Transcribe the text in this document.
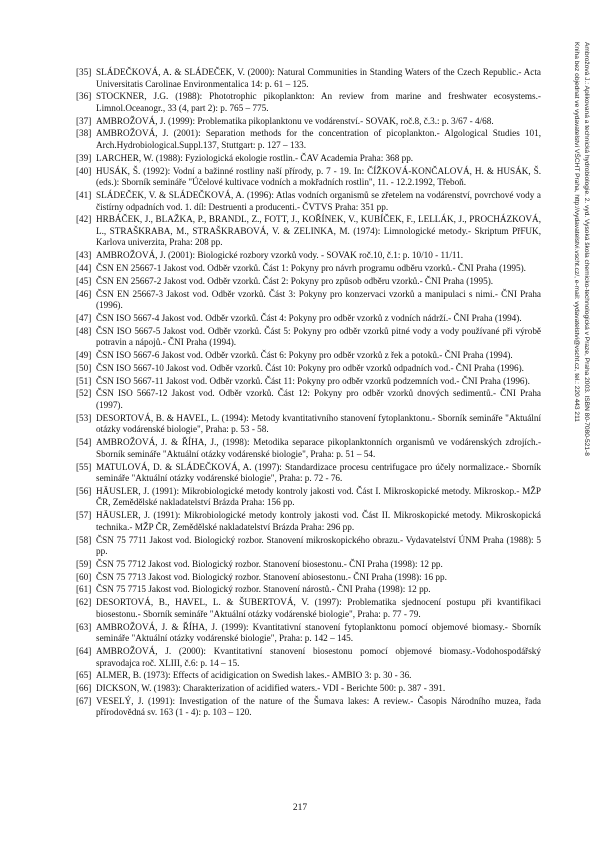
[35] SLÁDEČKOVÁ, A. & SLÁDEČEK, V. (2000): Natural Communities in Standing Waters of the Czech Republic.- Acta Universitatis Carolinae Environmentalica 14: p. 61 – 125.
[36] STOCKNER, J.G. (1988): Phototrophic pikoplankton: An review from marine and freshwater ecosystems.- Limnol.Oceanogr., 33 (4, part 2): p. 765 – 775.
[37] AMBROŽOVÁ, J. (1999): Problematika pikoplanktonu ve vodárenství.- SOVAK, roč.8, č.3.: p. 3/67 - 4/68.
[38] AMBROŽOVÁ, J. (2001): Separation methods for the concentration of picoplankton.- Algological Studies 101, Arch.Hydrobiological.Suppl.137, Stuttgart: p. 127 – 133.
[39] LARCHER, W. (1988): Fyziologická ekologie rostlin.- ČAV Academia Praha: 368 pp.
[40] HUSÁK, Š. (1992): Vodní a bažinné rostliny naší přírody, p. 7 - 19. In: ČÍŽKOVÁ-KONČALOVÁ, H. & HUSÁK, Š. (eds.): Sborník semináře "Účelové kultivace vodních a mokřadních rostlin", 11. - 12.2.1992, Třeboň.
[41] SLÁDEČEK, V. & SLÁDEČKOVÁ, A. (1996): Atlas vodních organismů se zřetelem na vodárenství, povrchové vody a čistírny odpadních vod. 1. díl: Destruenti a producenti.- ČVTVS Praha: 351 pp.
[42] HRBÁČEK, J., BLAŽKA, P., BRANDL, Z., FOTT, J., KOŘÍNEK, V., KUBÍČEK, F., LELLÁK, J., PROCHÁZKOVÁ, L., STRAŠKRABA, M., STRAŠKRABOVÁ, V. & ZELINKA, M. (1974): Limnologické metody.- Skriptum PřFUK, Karlova univerzita, Praha: 208 pp.
[43] AMBROŽOVÁ, J. (2001): Biologické rozbory vzorků vody. - SOVAK roč.10, č.1: p. 10/10 - 11/11.
[44] ČSN EN 25667-1 Jakost vod. Odběr vzorků. Část 1: Pokyny pro návrh programu odběru vzorků.- ČNI Praha (1995).
[45] ČSN EN 25667-2 Jakost vod. Odběr vzorků. Část 2: Pokyny pro způsob odběru vzorků.- ČNI Praha (1995).
[46] ČSN EN 25667-3 Jakost vod. Odběr vzorků. Část 3: Pokyny pro konzervaci vzorků a manipulaci s nimi.- ČNI Praha (1996).
[47] ČSN ISO 5667-4 Jakost vod. Odběr vzorků. Část 4: Pokyny pro odběr vzorků z vodních nádrží.- ČNI Praha (1994).
[48] ČSN ISO 5667-5 Jakost vod. Odběr vzorků. Část 5: Pokyny pro odběr vzorků pitné vody a vody používané při výrobě potravin a nápojů.- ČNI Praha (1994).
[49] ČSN ISO 5667-6 Jakost vod. Odběr vzorků. Část 6: Pokyny pro odběr vzorků z řek a potoků.- ČNI Praha (1994).
[50] ČSN ISO 5667-10 Jakost vod. Odběr vzorků. Část 10: Pokyny pro odběr vzorků odpadních vod.- ČNI Praha (1996).
[51] ČSN ISO 5667-11 Jakost vod. Odběr vzorků. Část 11: Pokyny pro odběr vzorků podzemních vod.- ČNI Praha (1996).
[52] ČSN ISO 5667-12 Jakost vod. Odběr vzorků. Část 12: Pokyny pro odběr vzorků dnových sedimentů.- ČNI Praha (1997).
[53] DESORTOVÁ, B. & HAVEL, L. (1994): Metody kvantitativního stanovení fytoplanktonu.- Sborník semináře "Aktuální otázky vodárenské biologie", Praha: p. 53 - 58.
[54] AMBROŽOVÁ, J. & ŘÍHA, J., (1998): Metodika separace pikoplanktonních organismů ve vodárenských zdrojích.- Sborník semináře "Aktuální otázky vodárenské biologie", Praha: p. 51 – 54.
[55] MATULOVÁ, D. & SLÁDEČKOVÁ, A. (1997): Standardizace procesu centrifugace pro účely normalizace.- Sborník semináře "Aktuální otázky vodárenské biologie", Praha: p. 72 - 76.
[56] HÄUSLER, J. (1991): Mikrobiologické metody kontroly jakosti vod. Část I. Mikroskopické metody. Mikroskop.- MŽP ČR, Zemědělské nakladatelství Brázda Praha: 156 pp.
[57] HÄUSLER, J. (1991): Mikrobiologické metody kontroly jakosti vod. Část II. Mikroskopické metody. Mikroskopická technika.- MŽP ČR, Zemědělské nakladatelství Brázda Praha: 296 pp.
[58] ČSN 75 7711 Jakost vod. Biologický rozbor. Stanovení mikroskopického obrazu.- Vydavatelství ÚNM Praha (1988): 5 pp.
[59] ČSN 75 7712 Jakost vod. Biologický rozbor. Stanovení biosestonu.- ČNI Praha (1998): 12 pp.
[60] ČSN 75 7713 Jakost vod. Biologický rozbor. Stanovení abiosestonu.- ČNI Praha (1998): 16 pp.
[61] ČSN 75 7715 Jakost vod. Biologický rozbor. Stanovení nárostů.- ČNI Praha (1998): 12 pp.
[62] DESORTOVÁ, B., HAVEL, L. & ŠUBERTOVÁ, V. (1997): Problematika sjednocení postupu při kvantifikaci biosestonu.- Sborník semináře "Aktuální otázky vodárenské biologie", Praha: p. 77 - 79.
[63] AMBROŽOVÁ, J. & ŘÍHA, J. (1999): Kvantitativní stanovení fytoplanktonu pomocí objemové biomasy.- Sborník semináře "Aktuální otázky vodárenské biologie", Praha: p. 142 – 145.
[64] AMBROŽOVÁ, J. (2000): Kvantitativní stanovení biosestonu pomocí objemové biomasy.-Vodohospodářský spravodajca roč. XLIII, č.6: p. 14 – 15.
[65] ALMER, B. (1973): Effects of acidigication on Swedish lakes.- AMBIO 3: p. 30 - 36.
[66] DICKSON, W. (1983): Charakterization of acidified waters.- VDI - Berichte 500: p. 387 - 391.
[67] VESELÝ, J. (1991): Investigation of the nature of the Šumava lakes: A review.- Časopis Národního muzea, řada přírodovědná sv. 163 (1 - 4): p. 103 – 120.
Ambrožová J.: Aplikovaná a technická hydrobiologie. 2. vyd. Vysoká škola chemicko-technologická v Praze, Praha 2003. ISBN 80-7080-521-8
Kniha bez objednat ve vydavatelství VŠCHT Praha, http://vydavatelstvi.vscht.cz/, e-mail: vydavatelstvi@vscht.cz, tel.: 220 443 211
217
